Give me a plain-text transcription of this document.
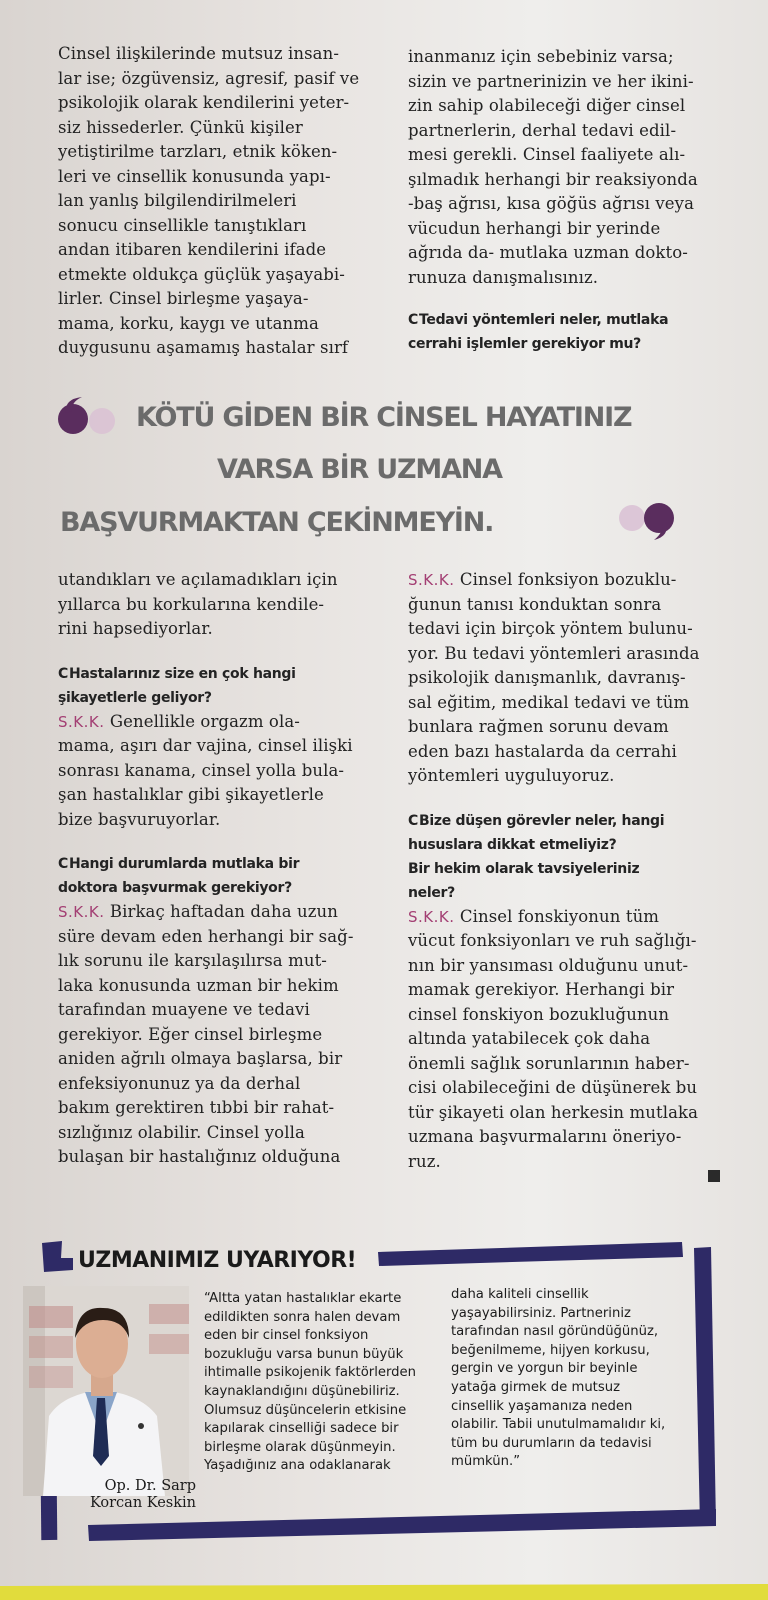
Cinsel ilişkilerinde mutsuz insan-
lar ise; özgüvensiz, agresif, pasif ve
psikolojik olarak kendilerini yeter-
siz hissederler. Çünkü kişiler
yetiştirilme tarzları, etnik köken-
leri ve cinsellik konusunda yapı-
lan yanlış bilgilendirilmeleri
sonucu cinsellikle tanıştıkları
andan itibaren kendilerini ifade
etmekte oldukça güçlük yaşayabi-
lirler. Cinsel birleşme yaşaya-
mama, korku, kaygı ve utanma
duygusunu aşamamış hastalar sırf
inanmanız için sebebiniz varsa;
sizin ve partnerinizin ve her ikini-
zin sahip olabileceği diğer cinsel
partnerlerin, derhal tedavi edil-
mesi gerekli. Cinsel faaliyete alı-
şılmadık herhangi bir reaksiyonda
-baş ağrısı, kısa göğüs ağrısı veya
vücudun herhangi bir yerinde
ağrıda da- mutlaka uzman dokto-
runuza danışmalısınız.
CTedavi yöntemleri neler, mutlaka
cerrahi işlemler gerekiyor mu?
KÖTÜ GİDEN BİR CİNSEL HAYATINIZ
VARSA BİR UZMANA
BAŞVURMAKTAN ÇEKİNMEYİN.
utandıkları ve açılamadıkları için
yıllarca bu korkularına kendile-
rini hapsediyorlar.
CHastalarınız size en çok hangi
şikayetlerle geliyor?
S.K.K. Genellikle orgazm ola-
mama, aşırı dar vajina, cinsel ilişki
sonrası kanama, cinsel yolla bula-
şan hastalıklar gibi şikayetlerle
bize başvuruyorlar.
CHangi durumlarda mutlaka bir
doktora başvurmak gerekiyor?
S.K.K. Birkaç haftadan daha uzun
süre devam eden herhangi bir sağ-
lık sorunu ile karşılaşılırsa mut-
laka konusunda uzman bir hekim
tarafından muayene ve tedavi
gerekiyor. Eğer cinsel birleşme
aniden ağrılı olmaya başlarsa, bir
enfeksiyonunuz ya da derhal
bakım gerektiren tıbbi bir rahat-
sızlığınız olabilir. Cinsel yolla
bulaşan bir hastalığınız olduğuna
S.K.K. Cinsel fonksiyon bozuklu-
ğunun tanısı konduktan sonra
tedavi için birçok yöntem bulunu-
yor. Bu tedavi yöntemleri arasında
psikolojik danışmanlık, davranış-
sal eğitim, medikal tedavi ve tüm
bunlara rağmen sorunu devam
eden bazı hastalarda da cerrahi
yöntemleri uyguluyoruz.
CBize düşen görevler neler, hangi
hususlara dikkat etmeliyiz?
Bir hekim olarak tavsiyeleriniz
neler?
S.K.K. Cinsel fonskiyonun tüm
vücut fonksiyonları ve ruh sağlığı-
nın bir yansıması olduğunu unut-
mamak gerekiyor. Herhangi bir
cinsel fonskiyon bozukluğunun
altında yatabilecek çok daha
önemli sağlık sorunlarının haber-
cisi olabileceğini de düşünerek bu
tür şikayeti olan herkesin mutlaka
uzmana başvurmalarını öneriyo-
ruz.
UZMANIMIZ UYARIYOR!
Op. Dr. Sarp
Korcan Keskin
“Altta yatan hastalıklar ekarte
edildikten sonra halen devam
eden bir cinsel fonksiyon
bozukluğu varsa bunun büyük
ihtimalle psikojenik faktörlerden
kaynaklandığını düşünebiliriz.
Olumsuz düşüncelerin etkisine
kapılarak cinselliği sadece bir
birleşme olarak düşünmeyin.
Yaşadığınız ana odaklanarak
daha kaliteli cinsellik
yaşayabilirsiniz. Partneriniz
tarafından nasıl göründüğünüz,
beğenilmeme, hijyen korkusu,
gergin ve yorgun bir beyinle
yatağa girmek de mutsuz
cinsellik yaşamanıza neden
olabilir. Tabii unutulmamalıdır ki,
tüm bu durumların da tedavisi
mümkün.”
